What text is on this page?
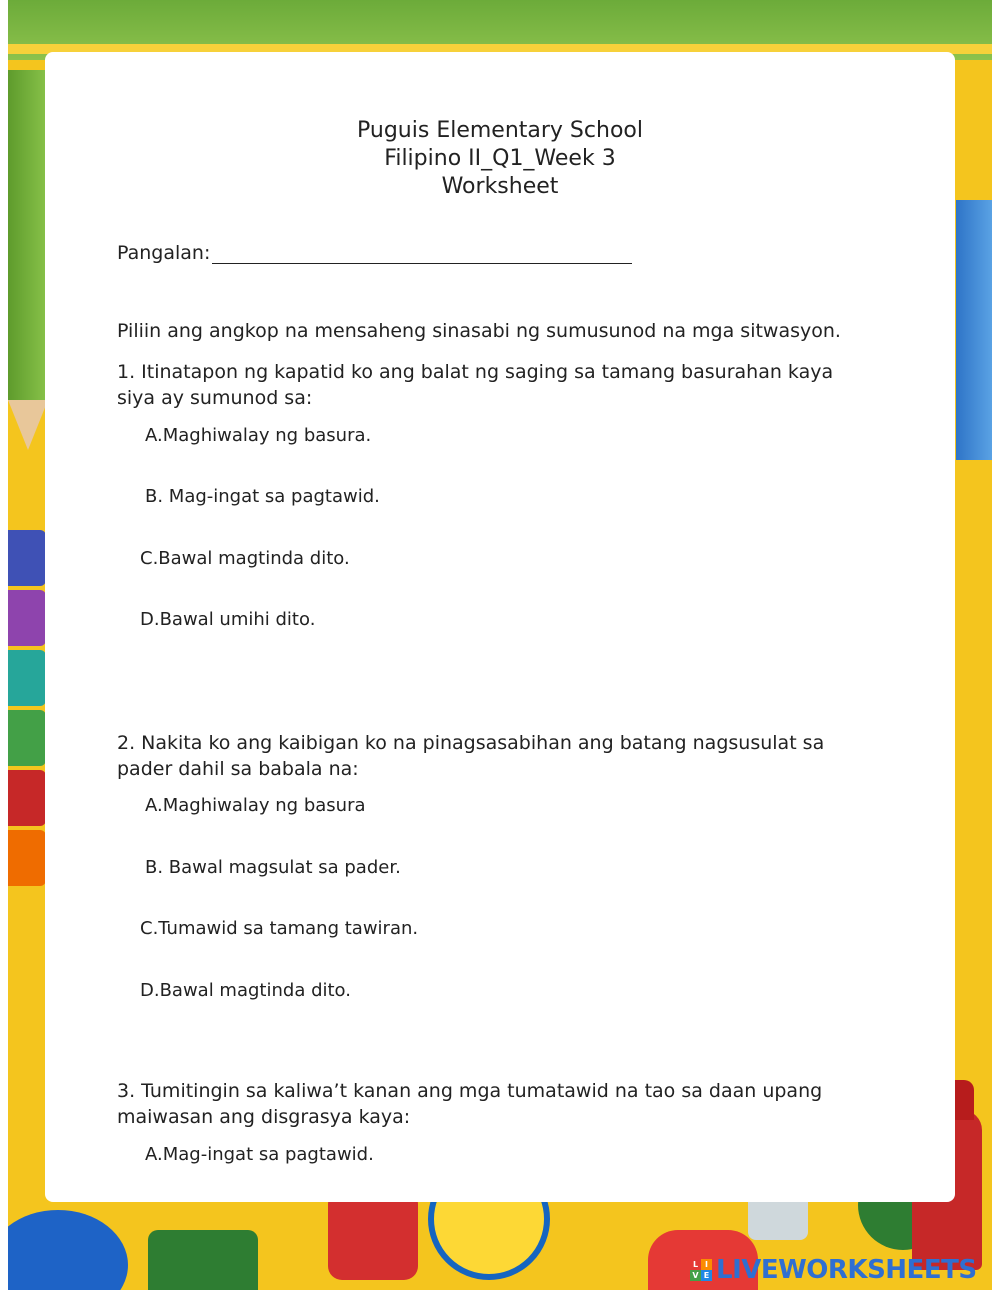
Puguis Elementary School
Filipino II_Q1_Week 3
Worksheet
Pangalan:
Piliin ang angkop na mensaheng sinasabi ng sumusunod na mga sitwasyon.
1. Itinatapon ng kapatid ko ang balat ng saging sa tamang basurahan kaya siya ay sumunod sa:
A.Maghiwalay ng basura.
B. Mag-ingat sa pagtawid.
C.Bawal magtinda dito.
D.Bawal umihi dito.
2. Nakita ko ang kaibigan ko na pinagsasabihan ang batang nagsusulat sa pader dahil sa babala na:
A.Maghiwalay ng basura
B. Bawal magsulat sa pader.
C.Tumawid sa tamang tawiran.
D.Bawal magtinda dito.
3. Tumitingin sa kaliwa’t kanan ang mga tumatawid na tao sa daan upang maiwasan ang disgrasya kaya:
A.Mag-ingat sa pagtawid.
L I
V E LIVEWORKSHEETS
